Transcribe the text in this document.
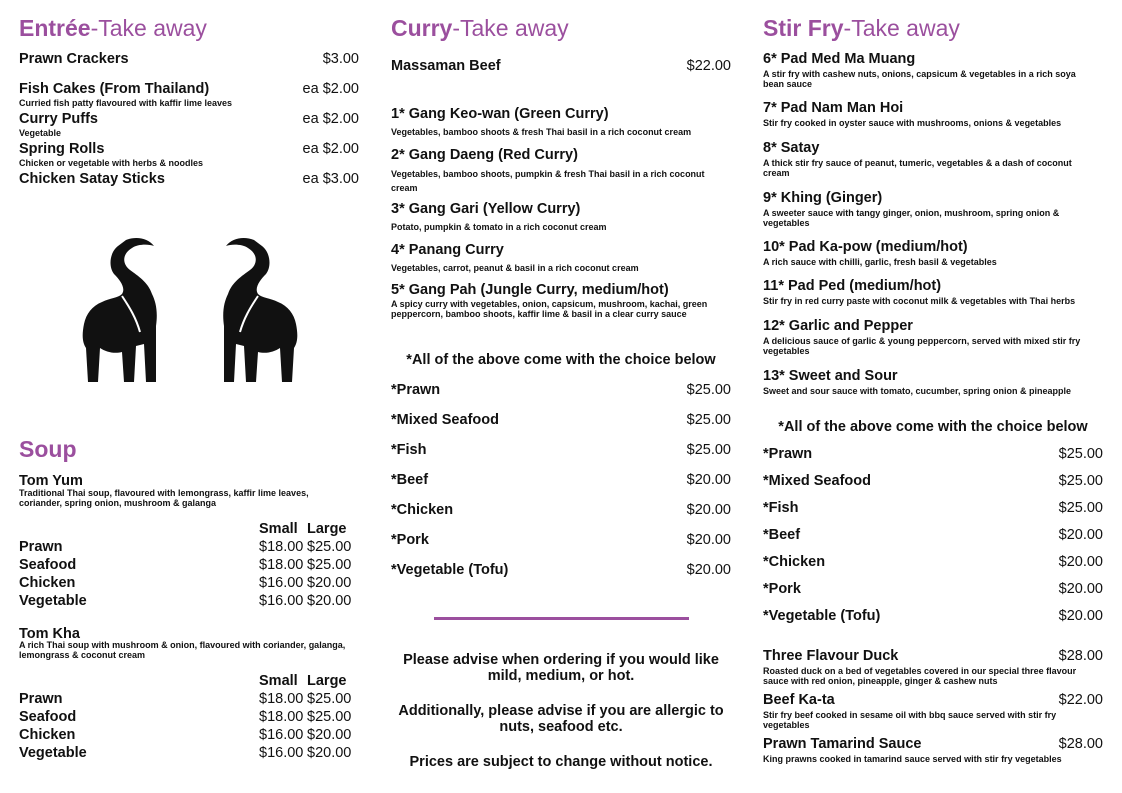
Entrée-Take away
Prawn Crackers	$3.00
Fish Cakes (From Thailand)	ea $2.00
Curried fish patty flavoured with kaffir lime leaves
Curry Puffs	ea $2.00
Vegetable
Spring Rolls	ea $2.00
Chicken or vegetable with herbs & noodles
Chicken Satay Sticks	ea $3.00
Soup
Tom Yum
Traditional Thai soup, flavoured with lemongrass, kaffir lime leaves, coriander, spring onion, mushroom & galanga
Small Large
Prawn	$18.00 $25.00
Seafood	$18.00 $25.00
Chicken	$16.00 $20.00
Vegetable	$16.00 $20.00
Tom Kha
A rich Thai soup with mushroom & onion, flavoured with coriander, galanga, lemongrass & coconut cream
Small Large
Prawn	$18.00 $25.00
Seafood	$18.00 $25.00
Chicken	$16.00 $20.00
Vegetable	$16.00 $20.00
Curry-Take away
Massaman Beef	$22.00
1* Gang Keo-wan (Green Curry)
Vegetables, bamboo shoots & fresh Thai basil in a rich coconut cream
2* Gang Daeng (Red Curry)
Vegetables, bamboo shoots, pumpkin & fresh Thai basil in a rich coconut cream
3* Gang Gari (Yellow Curry)
Potato, pumpkin & tomato in a rich coconut cream
4* Panang Curry
Vegetables, carrot, peanut & basil in a rich coconut cream
5* Gang Pah (Jungle Curry, medium/hot)
A spicy curry with vegetables, onion, capsicum, mushroom, kachai, green peppercorn, bamboo shoots, kaffir lime & basil in a clear curry sauce
*All of the above come with the choice below
*Prawn	$25.00
*Mixed Seafood	$25.00
*Fish	$25.00
*Beef	$20.00
*Chicken	$20.00
*Pork	$20.00
*Vegetable (Tofu)	$20.00
Please advise when ordering if you would like mild, medium, or hot.
Additionally, please advise if you are allergic to nuts, seafood etc.
Prices are subject to change without notice.
Stir Fry-Take away
6* Pad Med Ma Muang
A stir fry with cashew nuts, onions, capsicum & vegetables in a rich soya bean sauce
7* Pad Nam Man Hoi
Stir fry cooked in oyster sauce with mushrooms, onions & vegetables
8* Satay
A thick stir fry sauce of peanut, tumeric, vegetables & a dash of coconut cream
9* Khing (Ginger)
A sweeter sauce with tangy ginger, onion, mushroom, spring onion & vegetables
10* Pad Ka-pow (medium/hot)
A rich sauce with chilli, garlic, fresh basil & vegetables
11* Pad Ped (medium/hot)
Stir fry in red curry paste with coconut milk & vegetables with Thai herbs
12* Garlic and Pepper
A delicious sauce of garlic & young peppercorn, served with mixed stir fry vegetables
13* Sweet and Sour
Sweet and sour sauce with tomato, cucumber, spring onion & pineapple
*All of the above come with the choice below
*Prawn	$25.00
*Mixed Seafood	$25.00
*Fish	$25.00
*Beef	$20.00
*Chicken	$20.00
*Pork	$20.00
*Vegetable (Tofu)	$20.00
Three Flavour Duck	$28.00
Roasted duck on a bed of vegetables covered in our special three flavour sauce with red onion, pineapple, ginger & cashew nuts
Beef Ka-ta	$22.00
Stir fry beef cooked in sesame oil with bbq sauce served with stir fry vegetables
Prawn Tamarind Sauce	$28.00
King prawns cooked in tamarind sauce served with stir fry vegetables
